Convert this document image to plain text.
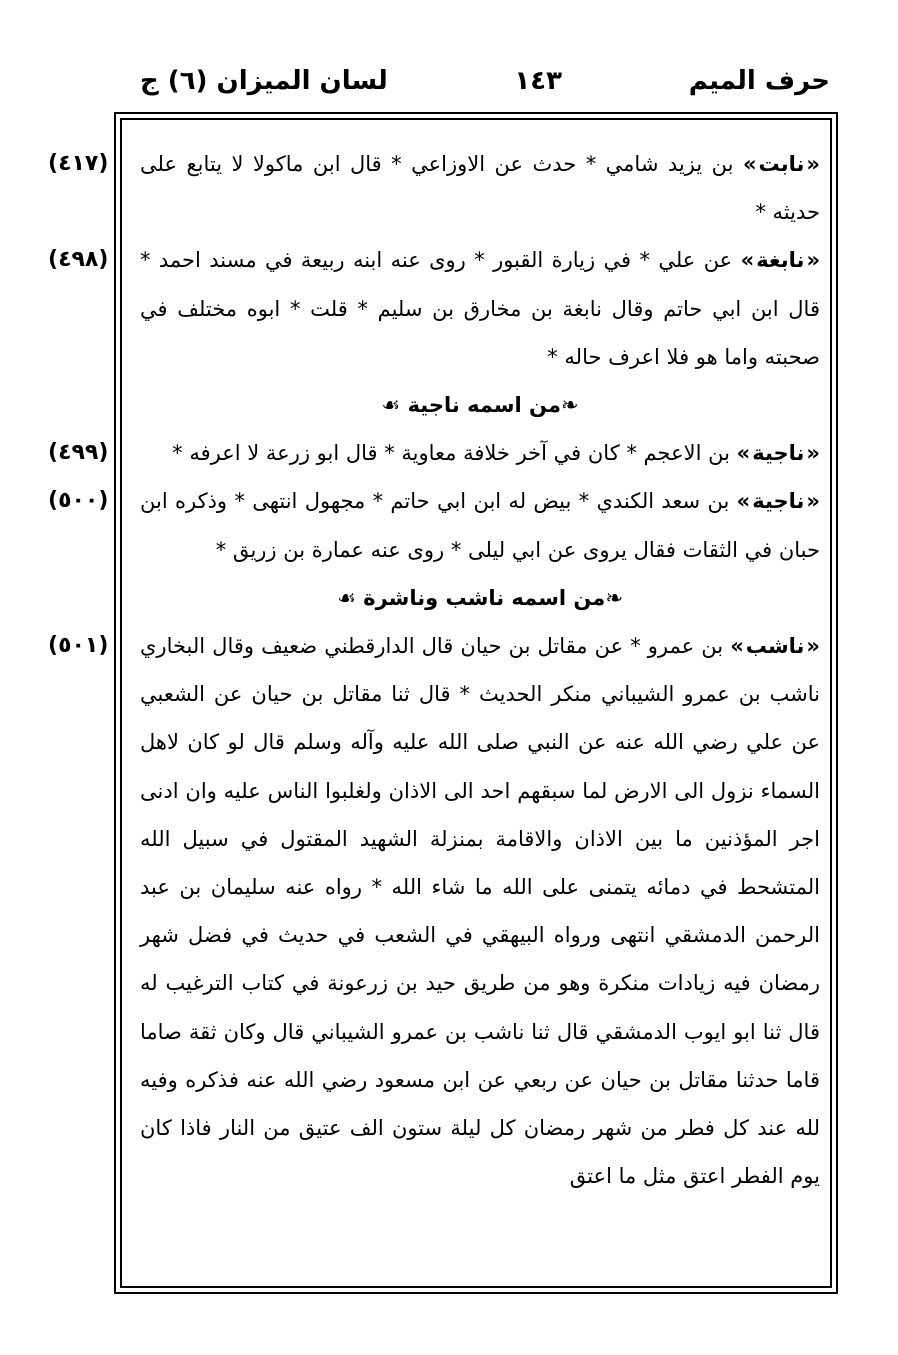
حرف الميم
١٤٣
لسان الميزان (٦) ج

(٤١٧)	« نابت » بن يزيد شامي * حدث عن الاوزاعي * قال ابن ماكولا لا يتابع على حديثه *

(٤٩٨)	« نابغة » عن علي * في زيارة القبور * روى عنه ابنه ربيعة في مسند احمد * قال ابن ابي حاتم وقال نابغة بن مخارق بن سليم * قلت * ابوه مختلف في صحبته واما هو فلا اعرف حاله *

❧ من اسمه ناجية ☙

(٤٩٩)	« ناجية » بن الاعجم * كان في آخر خلافة معاوية * قال ابو زرعة لا اعرفه *

(٥٠٠)	« ناجية » بن سعد الكندي * بيض له ابن ابي حاتم * مجهول انتهى * وذكره ابن حبان في الثقات فقال يروى عن ابي ليلى * روى عنه عمارة بن زريق *

❧ من اسمه ناشب وناشرة ☙

(٥٠١)	« ناشب » بن عمرو * عن مقاتل بن حيان قال الدارقطني ضعيف وقال البخاري ناشب بن عمرو الشيباني منكر الحديث * قال ثنا مقاتل بن حيان عن الشعبي عن علي رضي الله عنه عن النبي صلى الله عليه وآله وسلم قال لو كان لاهل السماء نزول الى الارض لما سبقهم احد الى الاذان ولغلبوا الناس عليه وان ادنى اجر المؤذنين ما بين الاذان والاقامة بمنزلة الشهيد المقتول في سبيل الله المتشحط في دمائه يتمنى على الله ما شاء الله * رواه عنه سليمان بن عبد الرحمن الدمشقي انتهى ورواه البيهقي في الشعب في حديث في فضل شهر رمضان فيه زيادات منكرة وهو من طريق حيد بن زرعونة في كتاب الترغيب له قال ثنا ابو ايوب الدمشقي قال ثنا ناشب بن عمرو الشيباني قال وكان ثقة صاما قاما حدثنا مقاتل بن حيان عن ربعي عن ابن مسعود رضي الله عنه فذكره وفيه لله عند كل فطر من شهر رمضان كل ليلة ستون الف عتيق من النار فاذا كان يوم الفطر اعتق مثل ما اعتق
